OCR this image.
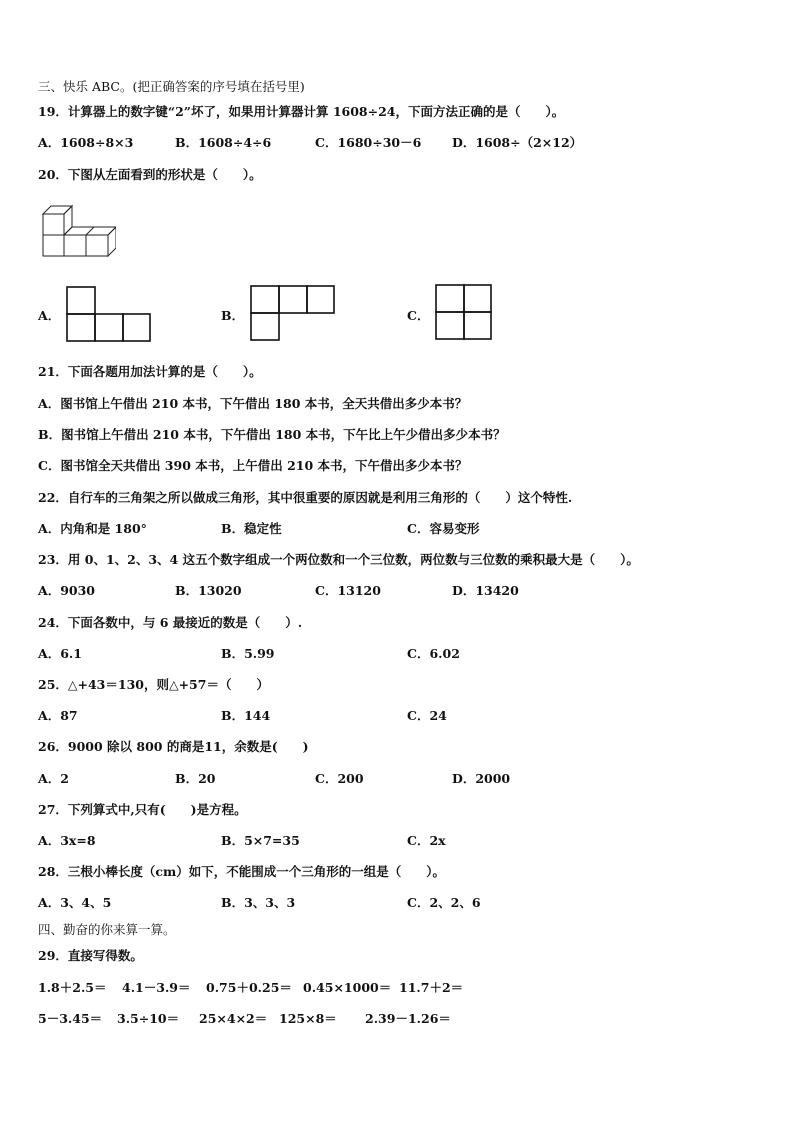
三、快乐 ABC。(把正确答案的序号填在括号里)
19．计算器上的数字键“2”坏了，如果用计算器计算 1608÷24，下面方法正确的是（　　）。
A．1608÷8×3	B．1608÷4÷6	C．1680÷30－6 D．1608÷（2×12）
20．下图从左面看到的形状是（　　）。
A．	B．	C．
21．下面各题用加法计算的是（　　）。
A．图书馆上午借出 210 本书，下午借出 180 本书，全天共借出多少本书？
B．图书馆上午借出 210 本书，下午借出 180 本书，下午比上午少借出多少本书？
C．图书馆全天共借出 390 本书，上午借出 210 本书，下午借出多少本书？
22．自行车的三角架之所以做成三角形，其中很重要的原因就是利用三角形的（　　）这个特性.
A．内角和是 180°	B．稳定性	C．容易变形
23．用 0、1、2、3、4 这五个数字组成一个两位数和一个三位数，两位数与三位数的乘积最大是（　　）。
A．9030	B．13020	C．13120	D．13420
24．下面各数中，与 6 最接近的数是（　　）.
A．6.1	B．5.99	C．6.02
25．△+43＝130，则△+57＝（　　）
A．87	B．144	C．24
26．9000 除以 800 的商是11，余数是(　　)
A．2	B．20	C．200	D．2000
27．下列算式中,只有(　　)是方程。
A．3x=8	B．5×7=35	C．2x
28．三根小棒长度（cm）如下，不能围成一个三角形的一组是（　　）。
A．3、4、5	B．3、3、3	C．2、2、6
四、勤奋的你来算一算。
29．直接写得数。
1.8＋2.5＝ 4.1－3.9＝ 0.75＋0.25＝ 0.45×1000＝ 11.7＋2＝
5－3.45＝ 3.5÷10＝ 25×4×2＝ 125×8＝ 2.39－1.26＝
